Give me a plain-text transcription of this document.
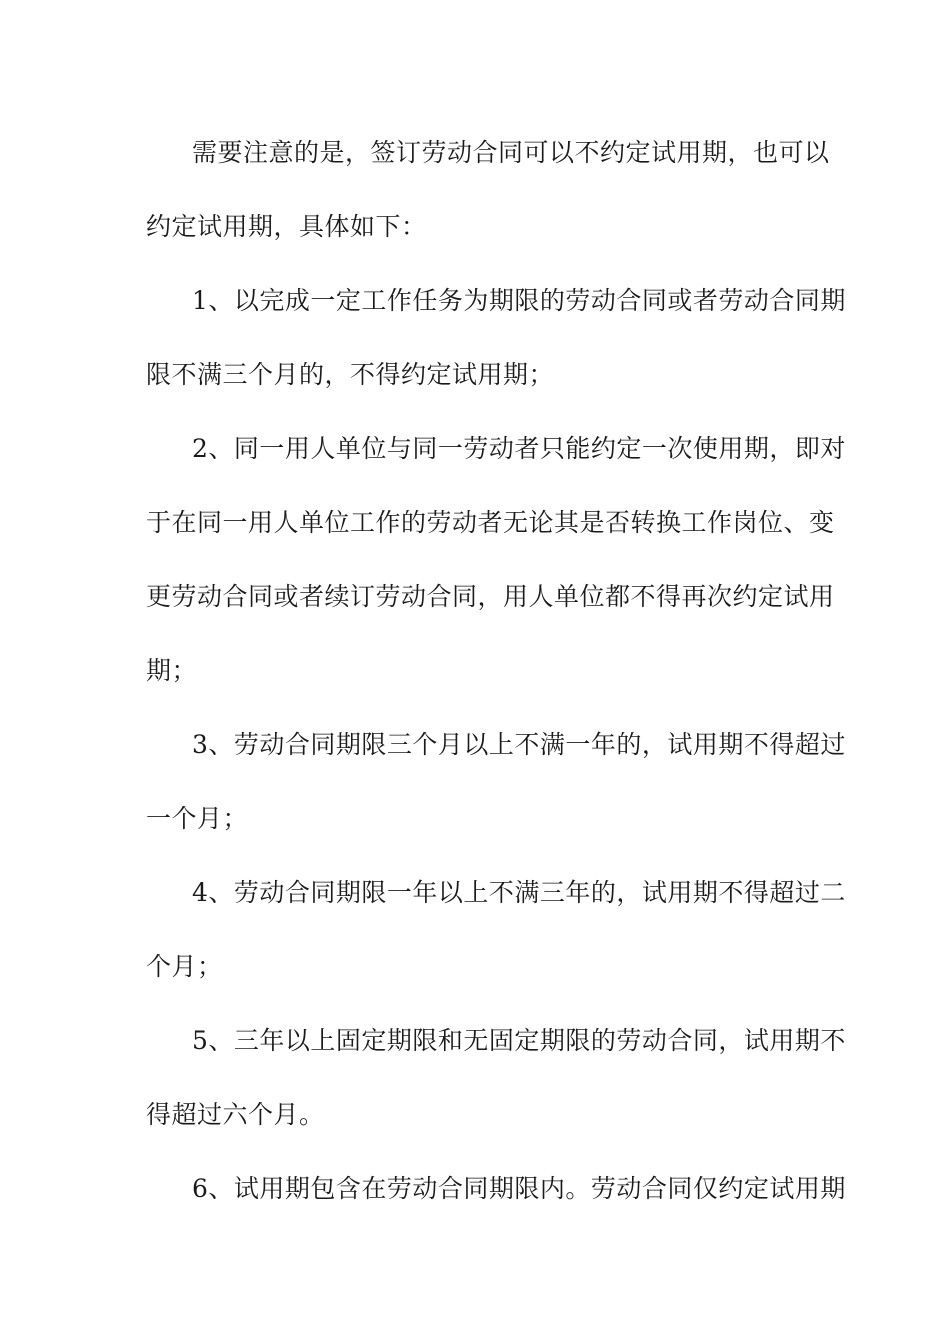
需要注意的是，签订劳动合同可以不约定试用期，也可以
约定试用期，具体如下：
1、以完成一定工作任务为期限的劳动合同或者劳动合同期
限不满三个月的，不得约定试用期；
2、同一用人单位与同一劳动者只能约定一次使用期，即对
于在同一用人单位工作的劳动者无论其是否转换工作岗位、变
更劳动合同或者续订劳动合同，用人单位都不得再次约定试用
期；
3、劳动合同期限三个月以上不满一年的，试用期不得超过
一个月；
4、劳动合同期限一年以上不满三年的，试用期不得超过二
个月；
5、三年以上固定期限和无固定期限的劳动合同，试用期不
得超过六个月。
6、试用期包含在劳动合同期限内。劳动合同仅约定试用期
